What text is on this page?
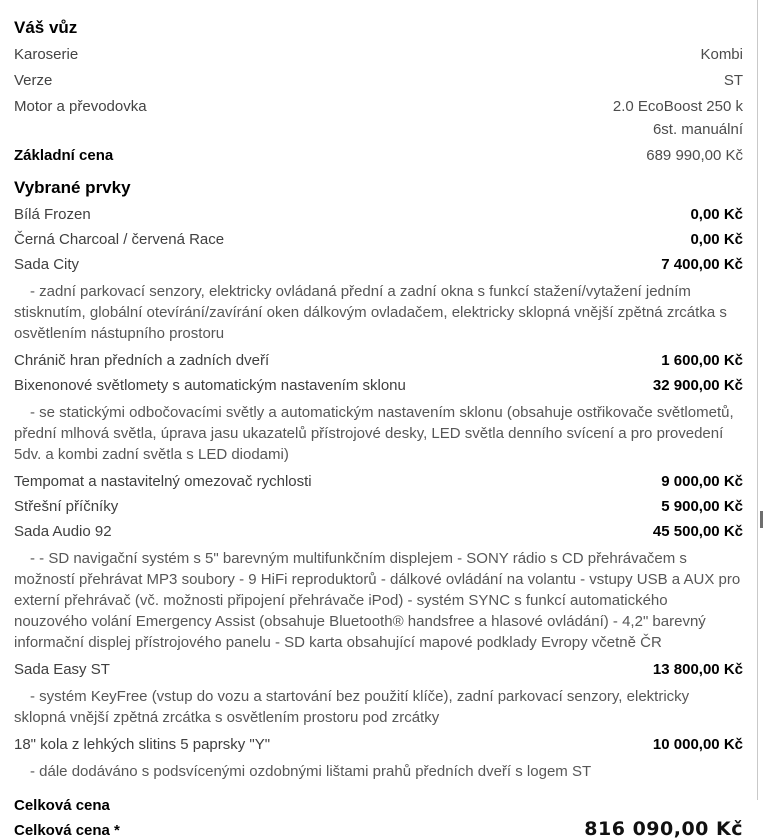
Váš vůz
Karoserie	Kombi
Verze	ST
Motor a převodovka	2.0 EcoBoost 250 k
6st. manuální
Základní cena	689 990,00 Kč
Vybrané prvky
Bílá Frozen	0,00 Kč
Černá Charcoal / červená Race	0,00 Kč
Sada City	7 400,00 Kč

- zadní parkovací senzory, elektricky ovládaná přední a zadní okna s funkcí stažení/vytažení jedním stisknutím, globální otevírání/zavírání oken dálkovým ovladačem, elektricky sklopná vnější zpětná zrcátka s osvětlením nástupního prostoru

Chránič hran předních a zadních dveří	1 600,00 Kč
Bixenonové světlomety s automatickým nastavením sklonu	32 900,00 Kč

- se statickými odbočovacími světly a automatickým nastavením sklonu (obsahuje ostřikovače světlometů, přední mlhová světla, úprava jasu ukazatelů přístrojové desky, LED světla denního svícení a pro provedení 5dv. a kombi zadní světla s LED diodami)

Tempomat a nastavitelný omezovač rychlosti	9 000,00 Kč
Střešní příčníky	5 900,00 Kč
Sada Audio 92	45 500,00 Kč

- - SD navigační systém s 5" barevným multifunkčním displejem - SONY rádio s CD přehrávačem s možností přehrávat MP3 soubory - 9 HiFi reproduktorů - dálkové ovládání na volantu - vstupy USB a AUX pro externí přehrávač (vč. možnosti připojení přehrávače iPod) - systém SYNC s funkcí automatického nouzového volání Emergency Assist (obsahuje Bluetooth® handsfree a hlasové ovládání) - 4,2" barevný informační displej přístrojového panelu - SD karta obsahující mapové podklady Evropy včetně ČR

Sada Easy ST	13 800,00 Kč

- systém KeyFree (vstup do vozu a startování bez použití klíče), zadní parkovací senzory, elektricky sklopná vnější zpětná zrcátka s osvětlením prostoru pod zrcátky

18" kola z lehkých slitins 5 paprsky "Y"	10 000,00 Kč

- dále dodáváno s podsvícenými ozdobnými lištami prahů předních dveří s logem ST

Celková cena
Celková cena *	816 090,00 Kč
